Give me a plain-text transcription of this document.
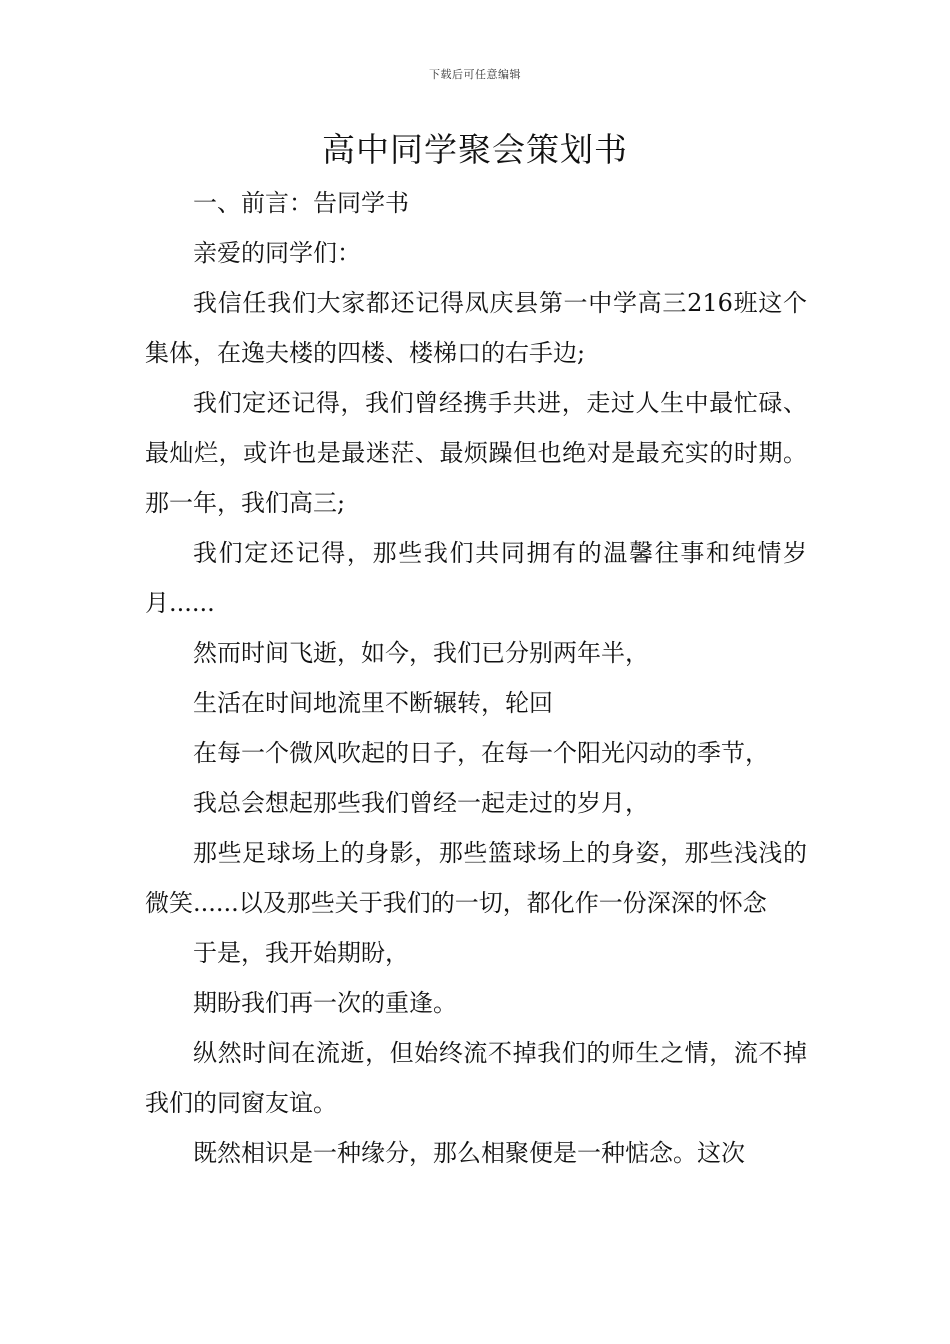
下载后可任意编辑
高中同学聚会策划书

一、前言：告同学书

亲爱的同学们：

我信任我们大家都还记得凤庆县第一中学高三216班这个集体，在逸夫楼的四楼、楼梯口的右手边;

我们定还记得，我们曾经携手共进，走过人生中最忙碌、最灿烂，或许也是最迷茫、最烦躁但也绝对是最充实的时期。那一年，我们高三;

我们定还记得，那些我们共同拥有的温馨往事和纯情岁月......

然而时间飞逝，如今，我们已分别两年半，

生活在时间地流里不断辗转，轮回

在每一个微风吹起的日子，在每一个阳光闪动的季节，

我总会想起那些我们曾经一起走过的岁月，

那些足球场上的身影，那些篮球场上的身姿，那些浅浅的微笑......以及那些关于我们的一切，都化作一份深深的怀念

于是，我开始期盼，

期盼我们再一次的重逢。

纵然时间在流逝，但始终流不掉我们的师生之情，流不掉我们的同窗友谊。

既然相识是一种缘分，那么相聚便是一种惦念。这次
